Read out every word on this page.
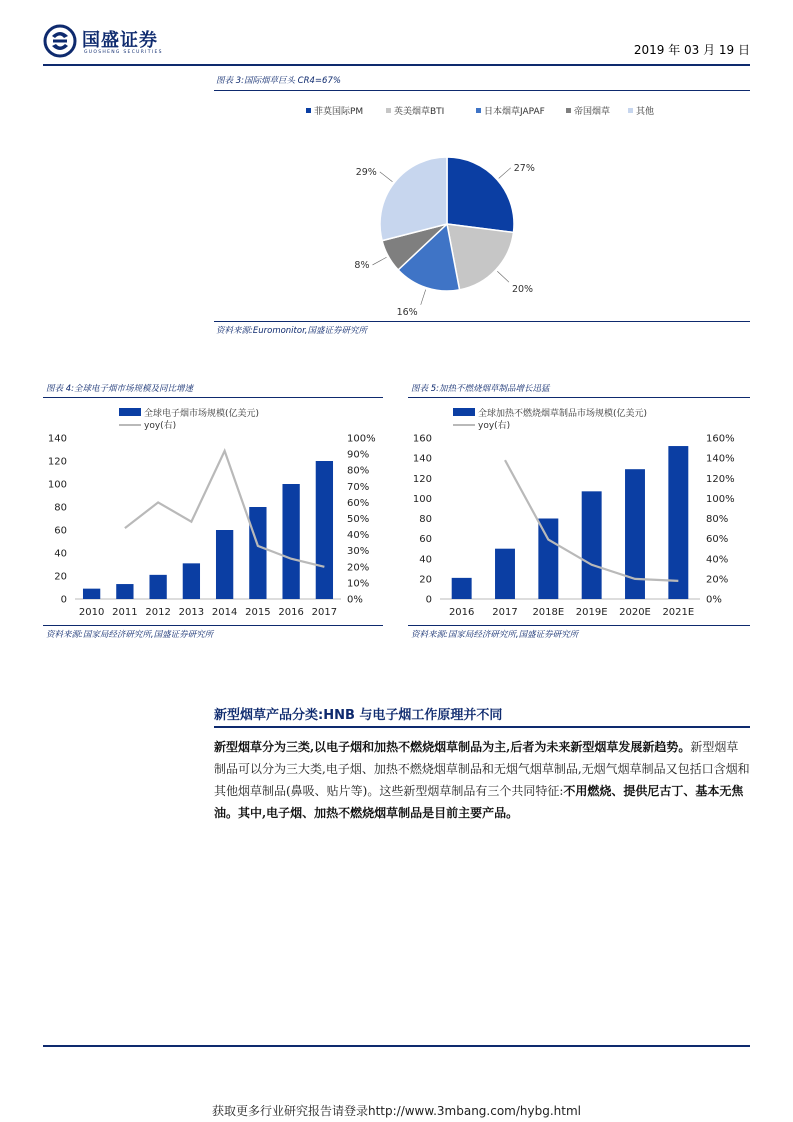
国盛证券
GUOSHENG SECURITIES	2019 年 03 月 19 日
图表 3:国际烟草巨头 CR4=67%
菲莫国际PM	英美烟草BTI	日本烟草JAPAF	帝国烟草	其他
27%
20%
16%
8%
29%
资料来源:Euromonitor,国盛证券研究所
图表 4:全球电子烟市场规模及同比增速
全球电子烟市场规模(亿美元)
yoy(右)
0
20
40
60
80
100
120
140
0%
10%
20%
30%
40%
50%
60%
70%
80%
90%
100%
2010 2011 2012 2013 2014 2015 2016 2017
资料来源:国家局经济研究所,国盛证券研究所
图表 5:加热不燃烧烟草制品增长迅猛
全球加热不燃烧烟草制品市场规模(亿美元)
yoy(右)
0
20
40
60
80
100
120
140
160
0%
20%
40%
60%
80%
100%
120%
140%
160%
2016 2017 2018E 2019E 2020E 2021E
资料来源:国家局经济研究所,国盛证券研究所
新型烟草产品分类:HNB 与电子烟工作原理并不同
新型烟草分为三类,以电子烟和加热不燃烧烟草制品为主,后者为未来新型烟草发展新趋势。新型烟草制品可以分为三大类,电子烟、加热不燃烧烟草制品和无烟气烟草制品,无烟气烟草制品又包括口含烟和其他烟草制品(鼻吸、贴片等)。这些新型烟草制品有三个共同特征:不用燃烧、提供尼古丁、基本无焦油。其中,电子烟、加热不燃烧烟草制品是目前主要产品。
获取更多行业研究报告请登录http://www.3mbang.com/hybg.html
